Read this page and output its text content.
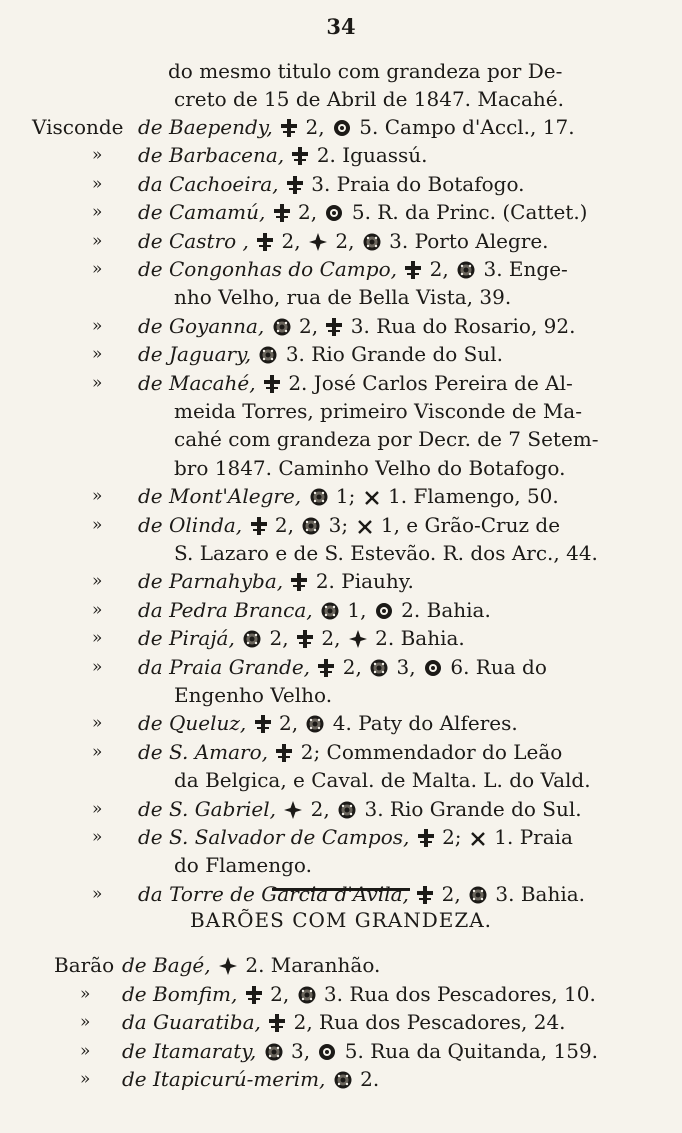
34
do mesmo titulo com grandeza por De-
creto de 15 de Abril de 1847. Macahé.
Visconde de Baependy,  2,  5. Campo d'Accl., 17.
» de Barbacena,  2. Iguassú.
» da Cachoeira,  3. Praia do Botafogo.
» de Camamú,  2,  5. R. da Princ. (Cattet.)
» de Castro ,  2,  2,  3. Porto Alegre.
» de Congonhas do Campo,  2,  3. Enge-
nho Velho, rua de Bella Vista, 39.
» de Goyanna,  2,  3. Rua do Rosario, 92.
» de Jaguary,  3. Rio Grande do Sul.
» de Macahé,  2. José Carlos Pereira de Al-
meida Torres, primeiro Visconde de Ma-
cahé com grandeza por Decr. de 7 Setem-
bro 1847. Caminho Velho do Botafogo.
» de Mont'Alegre,  1;  1. Flamengo, 50.
» de Olinda,  2,  3;  1, e Grão-Cruz de
S. Lazaro e de S. Estevão. R. dos Arc., 44.
» de Parnahyba,  2. Piauhy.
» da Pedra Branca,  1,  2. Bahia.
» de Pirajá,  2,  2,  2. Bahia.
» da Praia Grande,  2,  3,  6. Rua do
Engenho Velho.
» de Queluz,  2,  4. Paty do Alferes.
» de S. Amaro,  2; Commendador do Leão
da Belgica, e Caval. de Malta. L. do Vald.
» de S. Gabriel,  2,  3. Rio Grande do Sul.
» de S. Salvador de Campos,  2;  1. Praia
do Flamengo.
» da Torre de Garcia d'Avila,  2,  3. Bahia.
BARÕES COM GRANDEZA.
Barão de Bagé,  2. Maranhão.
» de Bomfim,  2,  3. Rua dos Pescadores, 10.
» da Guaratiba,  2, Rua dos Pescadores, 24.
» de Itamaraty,  3,  5. Rua da Quitanda, 159.
» de Itapicurú-merim,  2.
